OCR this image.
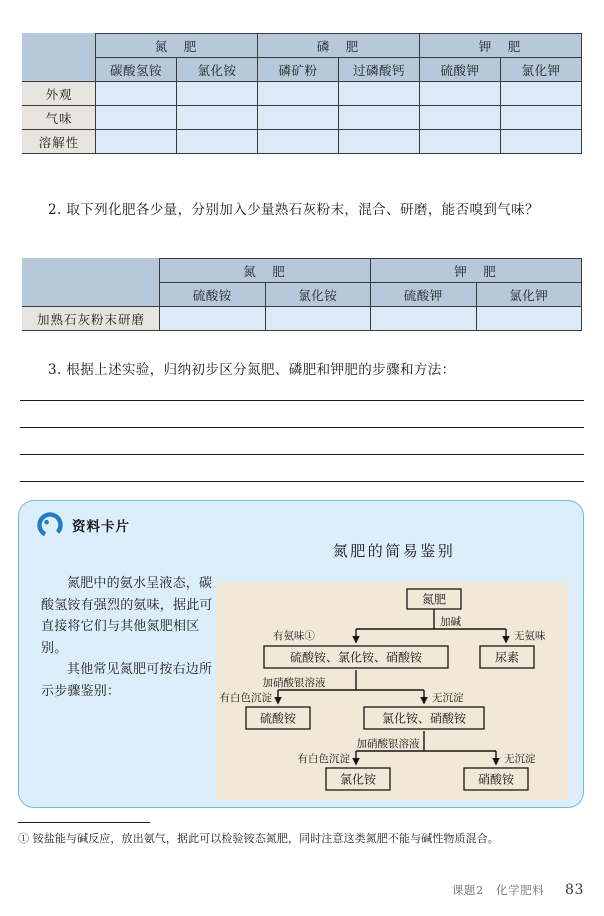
	氮　肥		磷　肥		钾　肥	
	碳酸氢铵	氯化铵	磷矿粉	过磷酸钙	硫酸钾	氯化钾
外观						
气味						
溶解性						
2. 取下列化肥各少量，分别加入少量熟石灰粉末，混合、研磨，能否嗅到气味？
	氮　肥		钾　肥	
	硫酸铵	氯化铵	硫酸钾	氯化钾
加熟石灰粉末研磨				
3. 根据上述实验，归纳初步区分氮肥、磷肥和钾肥的步骤和方法：
资料卡片

氮肥中的氨水呈液态，碳酸氢铵有强烈的氨味，据此可直接将它们与其他氮肥相区别。

其他常见氮肥可按右边所示步骤鉴别：

氮肥的简易鉴别
氮肥
硫酸铵、氯化铵、硝酸铵	尿素
硫酸铵	氯化铵、硝酸铵
氯化铵	硝酸铵
加碱
有氨味①	无氨味
加硝酸银溶液
有白色沉淀	无沉淀
加硝酸银溶液
有白色沉淀	无沉淀
① 铵盐能与碱反应，放出氨气，据此可以检验铵态氮肥，同时注意这类氮肥不能与碱性物质混合。
课题2　化学肥料 83
